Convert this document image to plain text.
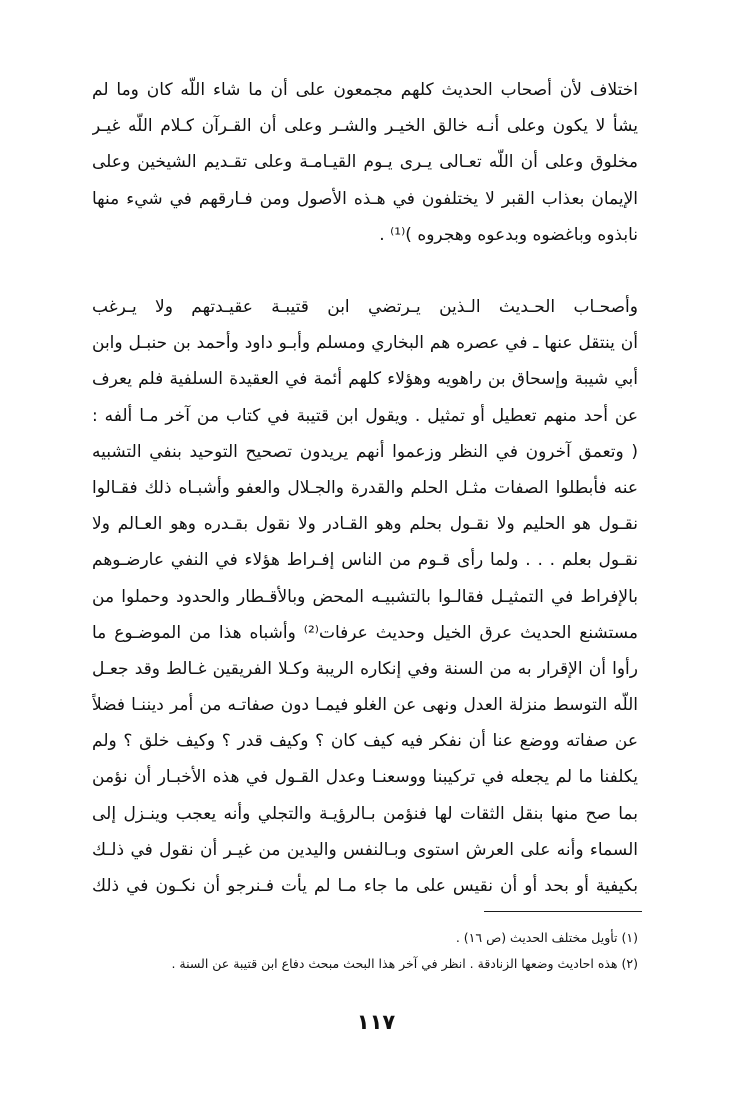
اختلاف لأن أصحاب الحديث كلهم مجمعون على أن ما شاء اللّه كان وما لم
يشأ لا يكون وعلى أنـه خالق الخيـر والشـر وعلى أن القـرآن كـلام اللّه غيـر
مخلوق وعلى أن اللّه تعـالى يـرى يـوم القيـامـة وعلى تقـديم الشيخين وعلى
الإيمان بعذاب القبر لا يختلفون في هـذه الأصول ومن فـارقهم في شيء منها
نابذوه وباغضوه وبدعوه وهجروه )⁽¹⁾ .
وأصحـاب الحـديث الـذين يـرتضي ابن قتيبـة عقيـدتهم ولا يـرغب
أن ينتقل عنها ـ في عصره هم البخاري ومسلم وأبـو داود وأحمد بن حنبـل وابن
أبي شيبة وإسحاق بن راهويه وهؤلاء كلهم أئمة في العقيدة السلفية فلم يعرف
عن أحد منهم تعطيل أو تمثيل . ويقول ابن قتيبة في كتاب من آخر مـا ألفه :
( وتعمق آخرون في النظر وزعموا أنهم يريدون تصحيح التوحيد بنفي التشبيه
عنه فأبطلوا الصفات مثـل الحلم والقدرة والجـلال والعفو وأشبـاه ذلك فقـالوا
نقـول هو الحليم ولا نقـول بحلم وهو القـادر ولا نقول بقـدره وهو العـالم ولا
نقـول بعلم . . . ولما رأى قـوم من الناس إفـراط هؤلاء في النفي عارضـوهم
بالإفراط في التمثيـل فقالـوا بالتشبيـه المحض وبالأقـطار والحدود وحملوا من
مستشنع الحديث عرق الخيل وحديث عرفات⁽²⁾ وأشباه هذا من الموضـوع ما
رأوا أن الإقرار به من السنة وفي إنكاره الريبة وكـلا الفريقين غـالط وقد جعـل
اللّه التوسط منزلة العدل ونهى عن الغلو فيمـا دون صفاتـه من أمر ديننـا فضلاً
عن صفاته ووضع عنا أن نفكر فيه كيف كان ؟ وكيف قدر ؟ وكيف خلق ؟ ولم
يكلفنا ما لم يجعله في تركيبنا ووسعنـا وعدل القـول في هذه الأخبـار أن نؤمن
بما صح منها بنقل الثقات لها فنؤمن بـالرؤيـة والتجلي وأنه يعجب وينـزل إلى
السماء وأنه على العرش استوى وبـالنفس واليدين من غيـر أن نقول في ذلـك
بكيفية أو بحد أو أن نقيس على ما جاء مـا لم يأت فـنرجو أن نكـون في ذلك
(١) تأويل مختلف الحديث (ص ١٦) .
(٢) هذه احاديث وضعها الزنادقة . انظر في آخر هذا البحث مبحث دفاع ابن قتيبة عن السنة .
١١٧
